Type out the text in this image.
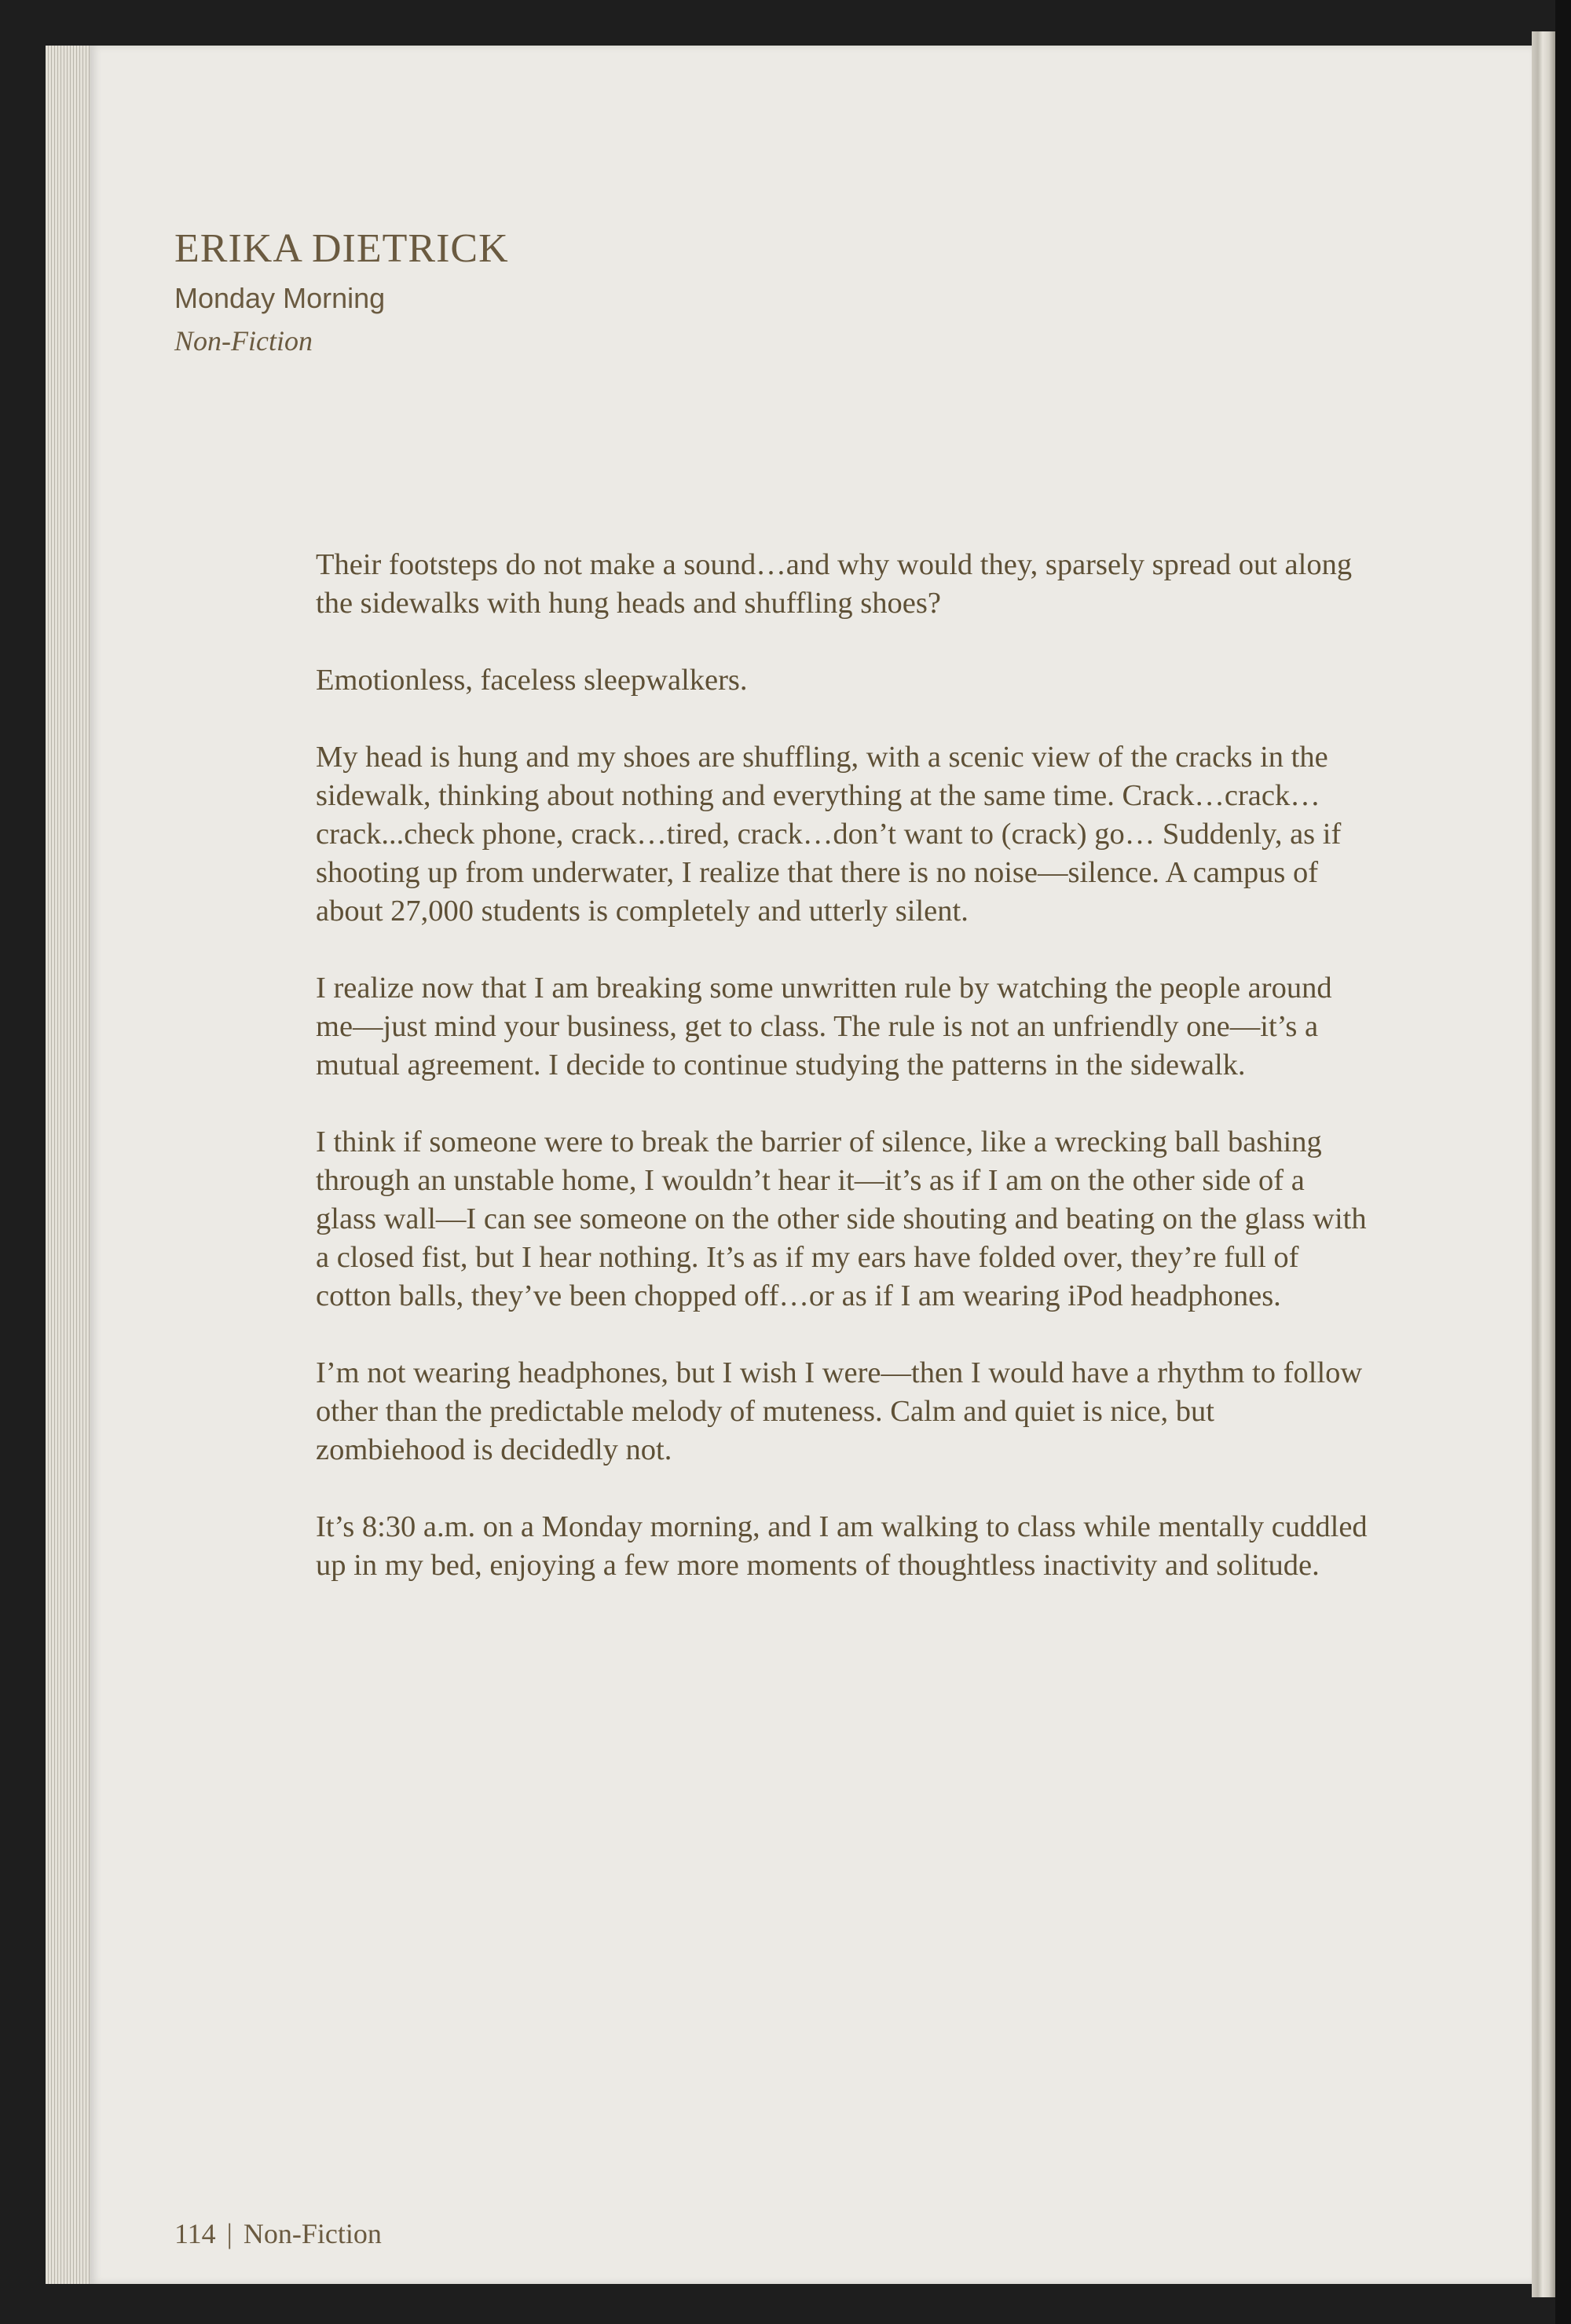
ERIKA DIETRICK
Monday Morning
Non-Fiction

Their footsteps do not make a sound…and why would they, sparsely spread out along the sidewalks with hung heads and shuffling shoes?

Emotionless, faceless sleepwalkers.

My head is hung and my shoes are shuffling, with a scenic view of the cracks in the sidewalk, thinking about nothing and everything at the same time. Crack…crack…crack...check phone, crack…tired, crack…don’t want to (crack) go… Suddenly, as if shooting up from underwater, I realize that there is no noise—silence. A campus of about 27,000 students is completely and utterly silent.

I realize now that I am breaking some unwritten rule by watching the people around me—just mind your business, get to class. The rule is not an unfriendly one—it’s a mutual agreement. I decide to continue studying the patterns in the sidewalk.

I think if someone were to break the barrier of silence, like a wrecking ball bashing through an unstable home, I wouldn’t hear it—it’s as if I am on the other side of a glass wall—I can see someone on the other side shouting and beating on the glass with a closed fist, but I hear nothing. It’s as if my ears have folded over, they’re full of cotton balls, they’ve been chopped off…or as if I am wearing iPod headphones.

I’m not wearing headphones, but I wish I were—then I would have a rhythm to follow other than the predictable melody of muteness. Calm and quiet is nice, but zombiehood is decidedly not.

It’s 8:30 a.m. on a Monday morning, and I am walking to class while mentally cuddled up in my bed, enjoying a few more moments of thoughtless inactivity and solitude.

114 | Non-Fiction
